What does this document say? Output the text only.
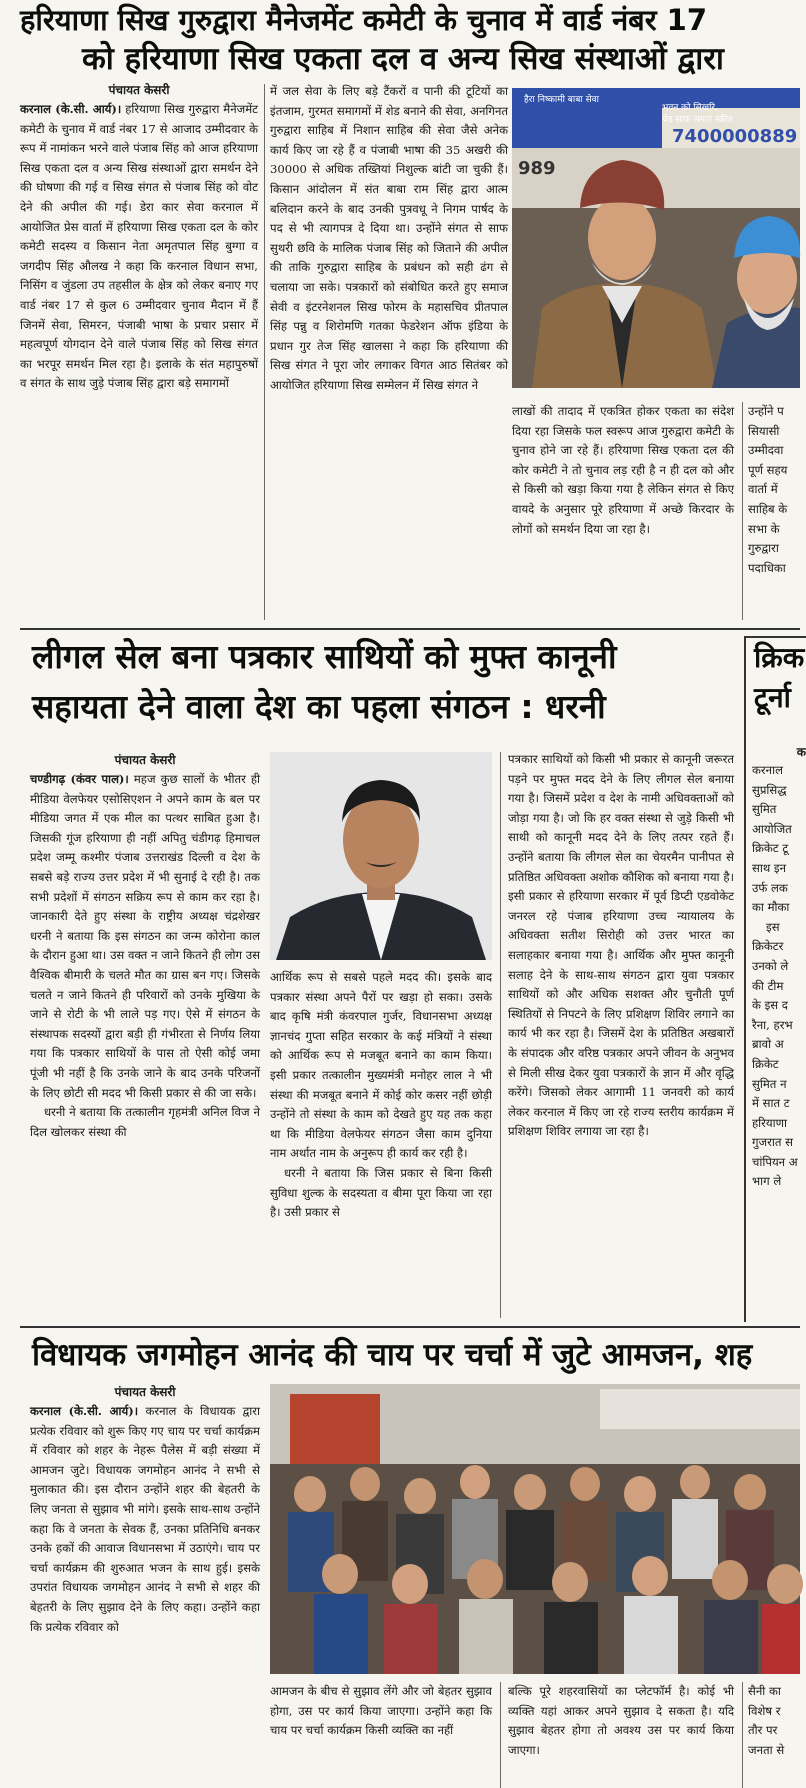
हरियाणा सिख गुरुद्वारा मैनेजमेंट कमेटी के चुनाव में वार्ड नंबर 17
को हरियाणा सिख एकता दल व अन्य सिख संस्थाओं द्वारा
पंचायत केसरी

करनाल (के.सी. आर्य)। हरियाणा सिख गुरुद्वारा मैनेजमेंट कमेटी के चुनाव में वार्ड नंबर 17 से आजाद उम्मीदवार के रूप में नामांकन भरने वाले पंजाब सिंह को आज हरियाणा सिख एकता दल व अन्य सिख संस्थाओं द्वारा समर्थन देने की घोषणा की गई व सिख संगत से पंजाब सिंह को वोट देने की अपील की गई। डेरा कार सेवा करनाल में आयोजित प्रेस वार्ता में हरियाणा सिख एकता दल के कोर कमेटी सदस्य व किसान नेता अमृतपाल सिंह बुग्गा व जगदीप सिंह औलख ने कहा कि करनाल विधान सभा, निसिंग व जुंडला उप तहसील के क्षेत्र को लेकर बनाए गए वार्ड नंबर 17 से कुल 6 उम्मीदवार चुनाव मैदान में हैं जिनमें सेवा, सिमरन, पंजाबी भाषा के प्रचार प्रसार में महत्वपूर्ण योगदान देने वाले पंजाब सिंह को सिख संगत का भरपूर समर्थन मिल रहा है। इलाके के संत महापुरुषों व संगत के साथ जुड़े पंजाब सिंह द्वारा बड़े समागमों

में जल सेवा के लिए बड़े टैंकरों व पानी की टूटियों का इंतजाम, गुरमत समागमों में शेड बनाने की सेवा, अनगिनत गुरुद्वारा साहिब में निशान साहिब की सेवा जैसे अनेक कार्य किए जा रहे हैं व पंजाबी भाषा की 35 अखरी की 30000 से अधिक तख्तियां निशुल्क बांटी जा चुकी हैं। किसान आंदोलन में संत बाबा राम सिंह द्वारा आत्म बलिदान करने के बाद उनकी पुत्रवधू ने निगम पार्षद के पद से भी त्यागपत्र दे दिया था। उन्होंने संगत से साफ सुथरी छवि के मालिक पंजाब सिंह को जिताने की अपील की ताकि गुरुद्वारा साहिब के प्रबंधन को सही ढंग से चलाया जा सके। पत्रकारों को संबोधित करते हुए समाज सेवी व इंटरनेशनल सिख फोरम के महासचिव प्रीतपाल सिंह पन्नु व शिरोमणि गतका फेडरेशन ऑफ इंडिया के प्रधान गुर तेज सिंह खालसा ने कहा कि हरियाणा की सिख संगत ने पूरा जोर लगाकर विगत आठ सितंबर को आयोजित हरियाणा सिख सम्मेलन में सिख संगत ने

हैरा निष्कामी बाबा सेवा
भवन को सिख़रि,
चेड साफ लगाएं स्कीत
7400000889
989

लाखों की तादाद में एकत्रित होकर एकता का संदेश दिया रहा जिसके फल स्वरूप आज गुरुद्वारा कमेटी के चुनाव होने जा रहे हैं। हरियाणा सिख एकता दल की कोर कमेटी ने तो चुनाव लड़ रही है न ही दल को और से किसी को खड़ा किया गया है लेकिन संगत से किए वायदे के अनुसार पूरे हरियाणा में अच्छे किरदार के लोगों को समर्थन दिया जा रहा है।

उन्होंने प
सियासी
उम्मीदवा
पूर्ण सहय
वार्ता में
साहिब के
सभा के
गुरुद्वारा
पदाधिका
लीगल सेल बना पत्रकार साथियों को मुफ्त कानूनी
सहायता देने वाला देश का पहला संगठन : धरनी
पंचायत केसरी

चण्डीगढ़ (कंवर पाल)। महज कुछ सालों के भीतर ही मीडिया वेलफेयर एसोसिएशन ने अपने काम के बल पर मीडिया जगत में एक मील का पत्थर साबित हुआ है। जिसकी गूंज हरियाणा ही नहीं अपितु चंडीगढ़ हिमाचल प्रदेश जम्मू कश्मीर पंजाब उत्तराखंड दिल्ली व देश के सबसे बड़े राज्य उत्तर प्रदेश में भी सुनाई दे रही है। तक सभी प्रदेशों में संगठन सक्रिय रूप से काम कर रहा है। जानकारी देते हुए संस्था के राष्ट्रीय अध्यक्ष चंद्रशेखर धरनी ने बताया कि इस संगठन का जन्म कोरोना काल के दौरान हुआ था। उस वक्त न जाने कितने ही लोग उस वैश्विक बीमारी के चलते मौत का ग्रास बन गए। जिसके चलते न जाने कितने ही परिवारों को उनके मुखिया के जाने से रोटी के भी लाले पड़ गए। ऐसे में संगठन के संस्थापक सदस्यों द्वारा बड़ी ही गंभीरता से निर्णय लिया गया कि पत्रकार साथियों के पास तो ऐसी कोई जमा पूंजी भी नहीं है कि उनके जाने के बाद उनके परिजनों के लिए छोटी सी मदद भी किसी प्रकार से की जा सके।

धरनी ने बताया कि तत्कालीन गृहमंत्री अनिल विज ने दिल खोलकर संस्था की

आर्थिक रूप से सबसे पहले मदद की। इसके बाद पत्रकार संस्था अपने पैरों पर खड़ा हो सका। उसके बाद कृषि मंत्री कंवरपाल गुर्जर, विधानसभा अध्यक्ष ज्ञानचंद गुप्ता सहित सरकार के कई मंत्रियों ने संस्था को आर्थिक रूप से मजबूत बनाने का काम किया। इसी प्रकार तत्कालीन मुख्यमंत्री मनोहर लाल ने भी संस्था की मजबूत बनाने में कोई कोर कसर नहीं छोड़ी उन्होंने तो संस्था के काम को देखते हुए यह तक कहा था कि मीडिया वेलफेयर संगठन जैसा काम दुनिया नाम अर्थात नाम के अनुरूप ही कार्य कर रही है।

धरनी ने बताया कि जिस प्रकार से बिना किसी सुविधा शुल्क के सदस्यता व बीमा पूरा किया जा रहा है। उसी प्रकार से

पत्रकार साथियों को किसी भी प्रकार से कानूनी जरूरत पड़ने पर मुफ्त मदद देने के लिए लीगल सेल बनाया गया है। जिसमें प्रदेश व देश के नामी अधिवक्ताओं को जोड़ा गया है। जो कि हर वक्त संस्था से जुड़े किसी भी साथी को कानूनी मदद देने के लिए तत्पर रहते हैं। उन्होंने बताया कि लीगल सेल का चेयरमैन पानीपत से प्रतिष्ठित अधिवक्ता अशोक कौशिक को बनाया गया है। इसी प्रकार से हरियाणा सरकार में पूर्व डिप्टी एडवोकेट जनरल रहे पंजाब हरियाणा उच्च न्यायालय के अधिवक्ता सतीश सिरोही को उत्तर भारत का सलाहकार बनाया गया है। आर्थिक और मुफ्त कानूनी सलाह देने के साथ-साथ संगठन द्वारा युवा पत्रकार साथियों को और अधिक सशक्त और चुनौती पूर्ण स्थितियों से निपटने के लिए प्रशिक्षण शिविर लगाने का कार्य भी कर रहा है। जिसमें देश के प्रतिष्ठित अखबारों के संपादक और वरिष्ठ पत्रकार अपने जीवन के अनुभव से मिली सीख देकर युवा पत्रकारों के ज्ञान में और वृद्धि करेंगे। जिसको लेकर आगामी 11 जनवरी को कार्य लेकर करनाल में किए जा रहे राज्य स्तरीय कार्यक्रम में प्रशिक्षण शिविर लगाया जा रहा है।

क्रिक
टूर्ना
क
करनाल
सुप्रसिद्ध
सुमित
आयोजित
क्रिकेट टू
साथ इन
उर्फ लक
का मौका
इस
क्रिकेटर
उनको ले
की टीम
के इस द
रैना, हरभ
ब्रावो अ
क्रिकेट
सुमित न
में सात ट
हरियाणा
गुजरात स
चांपियन अ
भाग ले
विधायक जगमोहन आनंद की चाय पर चर्चा में जुटे आमजन, शह
पंचायत केसरी

करनाल (के.सी. आर्य)। करनाल के विधायक द्वारा प्रत्येक रविवार को शुरू किए गए चाय पर चर्चा कार्यक्रम में रविवार को शहर के नेहरू पैलेस में बड़ी संख्या में आमजन जुटे। विधायक जगमोहन आनंद ने सभी से मुलाकात की। इस दौरान उन्होंने शहर की बेहतरी के लिए जनता से सुझाव भी मांगे। इसके साथ-साथ उन्होंने कहा कि वे जनता के सेवक हैं, उनका प्रतिनिधि बनकर उनके हकों की आवाज विधानसभा में उठाएंगे। चाय पर चर्चा कार्यक्रम की शुरुआत भजन के साथ हुई। इसके उपरांत विधायक जगमोहन आनंद ने सभी से शहर की बेहतरी के लिए सुझाव देने के लिए कहा। उन्होंने कहा कि प्रत्येक रविवार को

आमजन के बीच से सुझाव लेंगे और जो बेहतर सुझाव होगा, उस पर कार्य किया जाएगा। उन्होंने कहा कि चाय पर चर्चा कार्यक्रम किसी व्यक्ति का नहीं

बल्कि पूरे शहरवासियों का प्लेटफॉर्म है। कोई भी व्यक्ति यहां आकर अपने सुझाव दे सकता है। यदि सुझाव बेहतर होगा तो अवश्य उस पर कार्य किया जाएगा।

सैनी का
विशेष र
तौर पर
जनता से
